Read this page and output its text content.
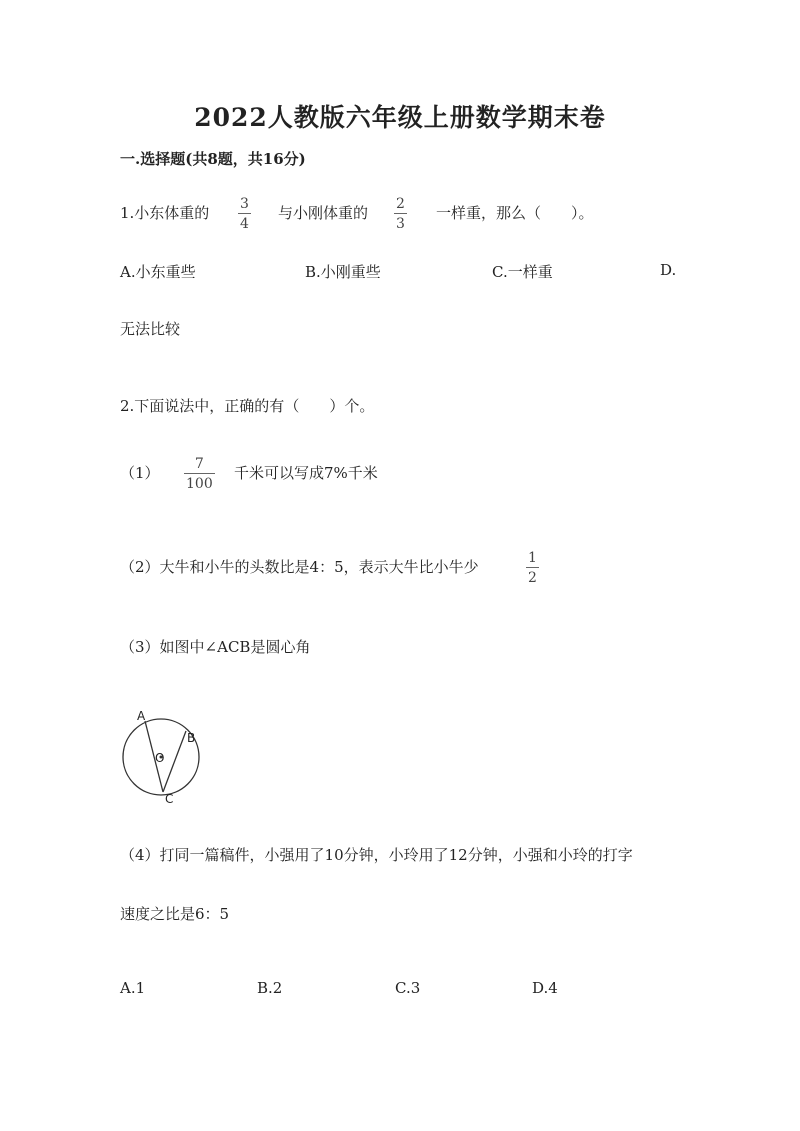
2022人教版六年级上册数学期末卷
一.选择题(共8题，共16分)
1.小东体重的 3
4
与小刚体重的 2
3
一样重，那么（　　）。
A.小东重些	B.小刚重些	C.一样重	D.
无法比较
2.下面说法中，正确的有（　　）个。
（1）	7
100
千米可以写成7%千米
（2）大牛和小牛的头数比是4：5，表示大牛比小牛少	1
2
（3）如图中∠ACB是圆心角
A
B
O
C
（4）打同一篇稿件，小强用了10分钟，小玲用了12分钟，小强和小玲的打字
速度之比是6：5
A.1	B.2	C.3	D.4
